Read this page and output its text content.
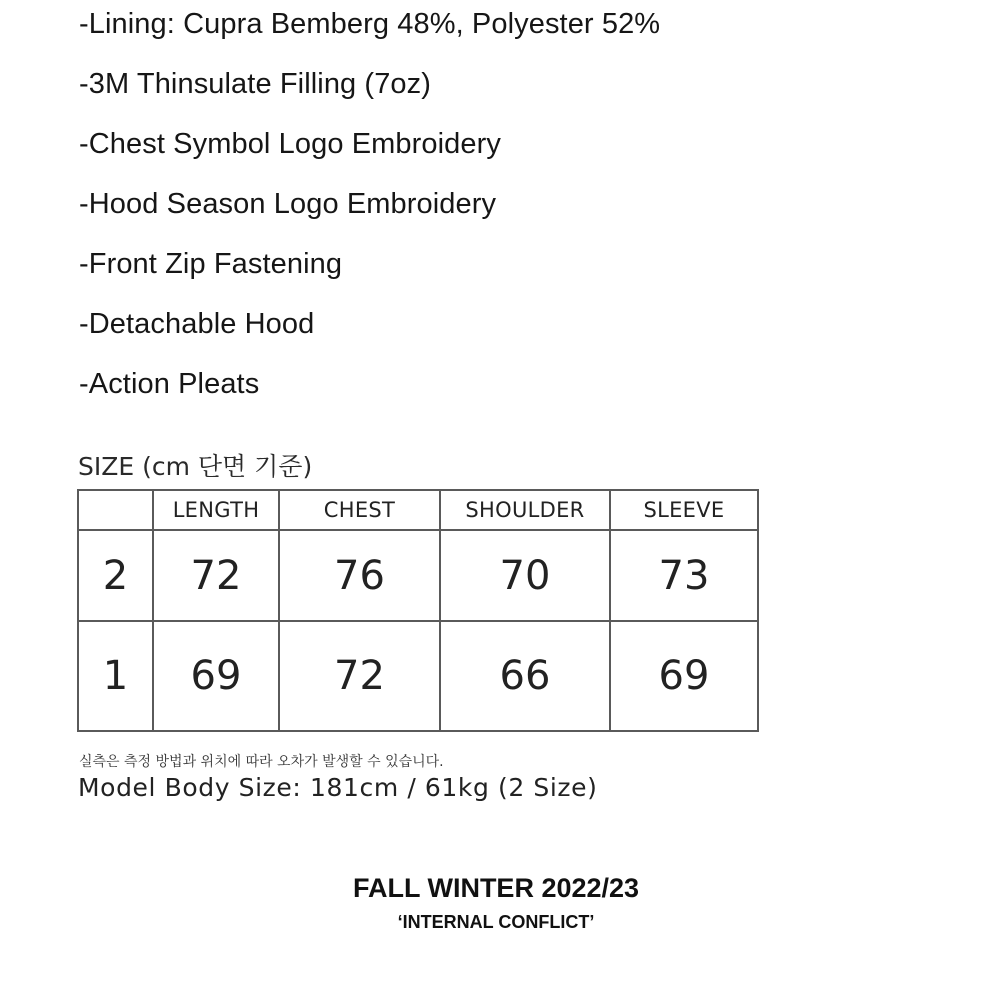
-Lining: Cupra Bemberg 48%, Polyester 52%
-3M Thinsulate Filling (7oz)
-Chest Symbol Logo Embroidery
-Hood Season Logo Embroidery
-Front Zip Fastening
-Detachable Hood
-Action Pleats
SIZE (cm 단면 기준)
	LENGTH	CHEST	SHOULDER	SLEEVE
2	72	76	70	73
1	69	72	66	69
실측은 측정 방법과 위치에 따라 오차가 발생할 수 있습니다.
Model Body Size: 181cm / 61kg (2 Size)
FALL WINTER 2022/23
‘INTERNAL CONFLICT’
